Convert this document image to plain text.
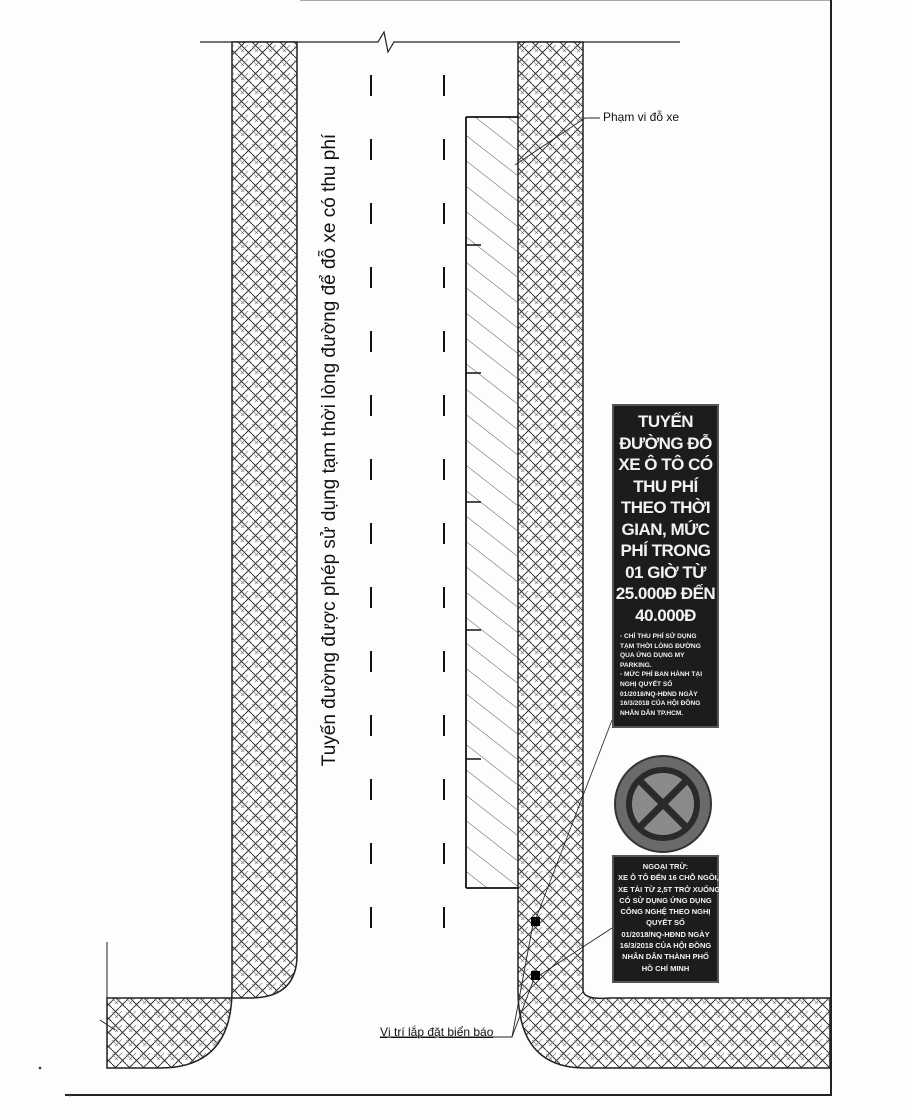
Tuyến đường được phép sử dụng tạm thời lòng đường để đỗ xe có thu phí
Phạm vi đỗ xe
Vị trí lắp đặt biển báo
TUYẾN
ĐƯỜNG ĐỖ
XE Ô TÔ CÓ
THU PHÍ
THEO THỜI
GIAN, MỨC
PHÍ TRONG
01 GIỜ TỪ
25.000Đ ĐẾN
40.000Đ
- CHỈ THU PHÍ SỬ DỤNG TẠM THỜI LÒNG ĐƯỜNG QUA ỨNG DỤNG MY PARKING.
- MỨC PHÍ BAN HÀNH TẠI NGHỊ QUYẾT SỐ 01/2018/NQ-HĐND NGÀY 16/3/2018 CỦA HỘI ĐỒNG NHÂN DÂN TP.HCM.
NGOẠI TRỪ:
XE Ô TÔ ĐẾN 16 CHỖ NGỒI,
XE TẢI TỪ 2,5T TRỞ XUỐNG
CÓ SỬ DỤNG ỨNG DỤNG
CÔNG NGHỆ THEO NGHỊ
QUYẾT SỐ
01/2018/NQ-HĐND NGÀY
16/3/2018 CỦA HỘI ĐỒNG
NHÂN DÂN THÀNH PHỐ
HỒ CHÍ MINH
